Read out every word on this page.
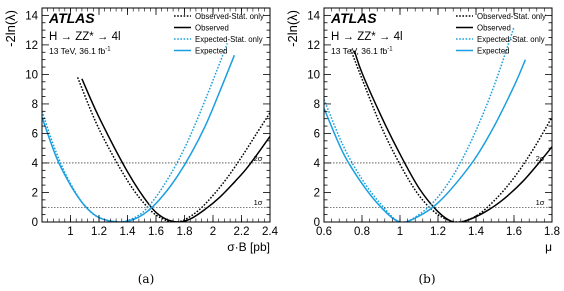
1σ
2σ
0
2
4
6
8
10
12
14
1 1.2 1.4 1.6 1.8 2 2.2 2.4
-2ln(λ)
σ·B [pb]
ATLAS
H → ZZ* → 4l
13 TeV, 36.1 $fb^{-1}$
Observed-Stat. only
Observed
Expected-Stat. only
Expected
(a)
1σ
2σ
0
2
4
6
8
10
12
14
0.6 0.8 1 1.2 1.4 1.6 1.8
-2ln(λ)
μ
ATLAS
H → ZZ* → 4l
13 TeV, 36.1 $fb^{-1}$
Observed-Stat. only
Observed
Expected-Stat. only
Expected
(b)
